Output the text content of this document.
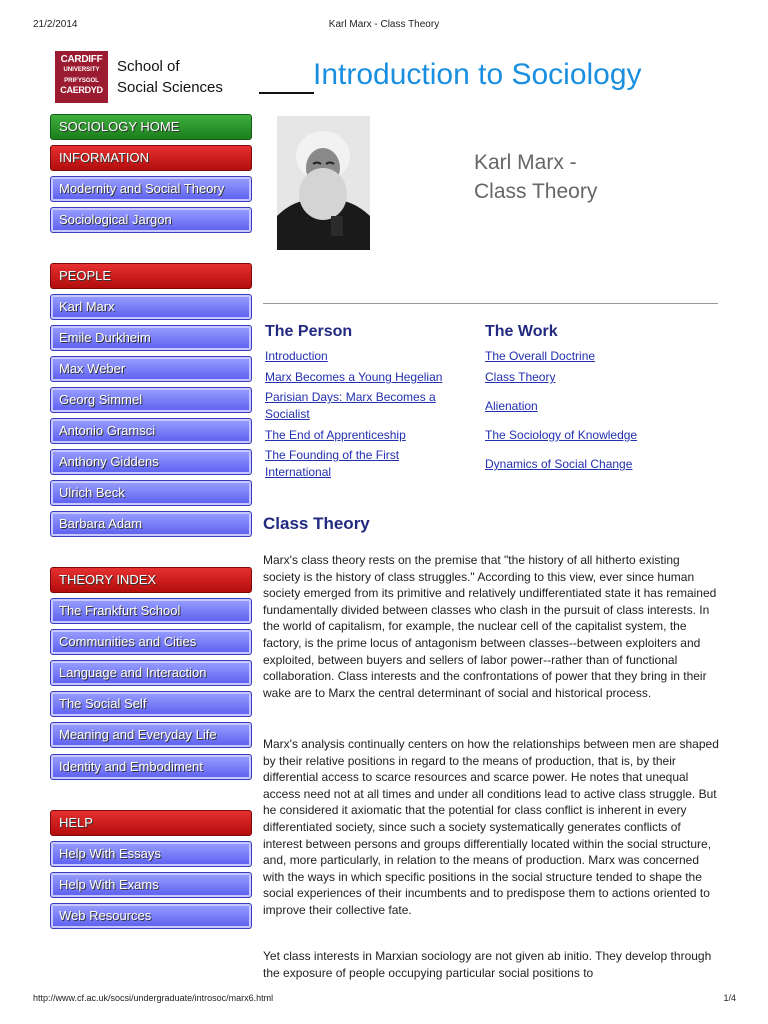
21/2/2014	Karl Marx - Class Theory
http://www.cf.ac.uk/socsi/undergraduate/introsoc/marx6.html	1/4
CARDIFF
UNIVERSITY
PRIFYSGOL
CAERDYD
School of
Social Sciences	Introduction to Sociology
SOCIOLOGY HOME
INFORMATION
Modernity and Social Theory
Sociological Jargon
PEOPLE
Karl Marx
Emile Durkheim
Max Weber
Georg Simmel
Antonio Gramsci
Anthony Giddens
Ulrich Beck
Barbara Adam
THEORY INDEX
The Frankfurt School
Communities and Cities
Language and Interaction
The Social Self
Meaning and Everyday Life
Identity and Embodiment
HELP
Help With Essays
Help With Exams
Web Resources
Karl Marx -
Class Theory
The Person
Introduction
Marx Becomes a Young Hegelian
Parisian Days: Marx Becomes a Socialist
The End of Apprenticeship
The Founding of the First International
The Work
The Overall Doctrine
Class Theory
Alienation
The Sociology of Knowledge
Dynamics of Social Change
Class Theory

Marx's class theory rests on the premise that "the history of all hitherto existing society is the history of class struggles." According to this view, ever since human society emerged from its primitive and relatively undifferentiated state it has remained fundamentally divided between classes who clash in the pursuit of class interests. In the world of capitalism, for example, the nuclear cell of the capitalist system, the factory, is the prime locus of antagonism between classes--between exploiters and exploited, between buyers and sellers of labor power--rather than of functional collaboration. Class interests and the confrontations of power that they bring in their wake are to Marx the central determinant of social and historical process.

Marx's analysis continually centers on how the relationships between men are shaped by their relative positions in regard to the means of production, that is, by their differential access to scarce resources and scarce power. He notes that unequal access need not at all times and under all conditions lead to active class struggle. But he considered it axiomatic that the potential for class conflict is inherent in every differentiated society, since such a society systematically generates conflicts of interest between persons and groups differentially located within the social structure, and, more particularly, in relation to the means of production. Marx was concerned with the ways in which specific positions in the social structure tended to shape the social experiences of their incumbents and to predispose them to actions oriented to improve their collective fate.

Yet class interests in Marxian sociology are not given ab initio. They develop through the exposure of people occupying particular social positions to
